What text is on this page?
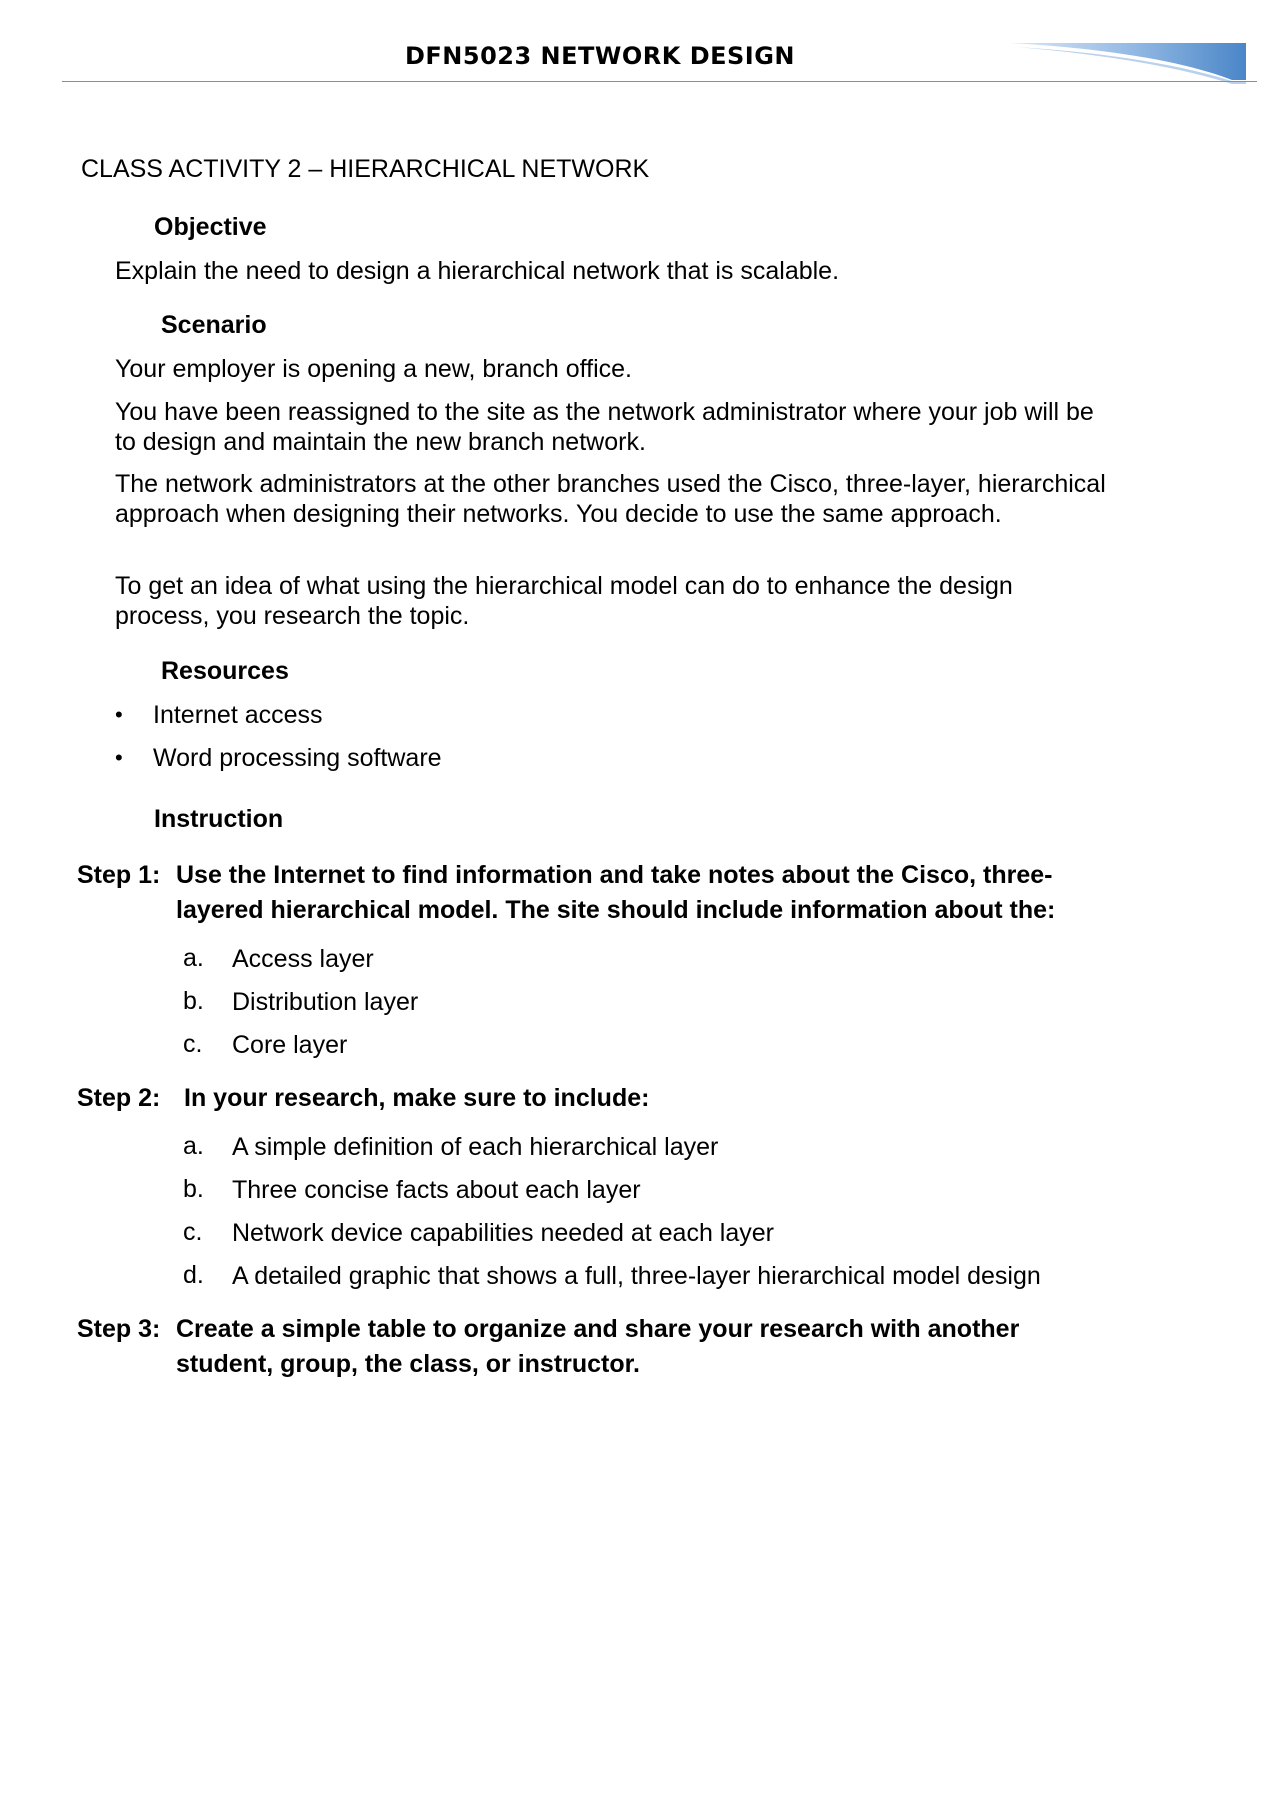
DFN5023 NETWORK DESIGN
CLASS ACTIVITY 2 – HIERARCHICAL NETWORK
Objective
Explain the need to design a hierarchical network that is scalable.
Scenario
Your employer is opening a new, branch office.
You have been reassigned to the site as the network administrator where your job will be to design and maintain the new branch network.
The network administrators at the other branches used the Cisco, three-layer, hierarchical approach when designing their networks. You decide to use the same approach.
To get an idea of what using the hierarchical model can do to enhance the design process, you research the topic.
Resources
• Internet access
• Word processing software
Instruction
Step 1: Use the Internet to find information and take notes about the Cisco, three-layered hierarchical model. The site should include information about the:
a. Access layer
b. Distribution layer
c. Core layer
Step 2: In your research, make sure to include:
a. A simple definition of each hierarchical layer
b. Three concise facts about each layer
c. Network device capabilities needed at each layer
d. A detailed graphic that shows a full, three-layer hierarchical model design
Step 3: Create a simple table to organize and share your research with another student, group, the class, or instructor.
